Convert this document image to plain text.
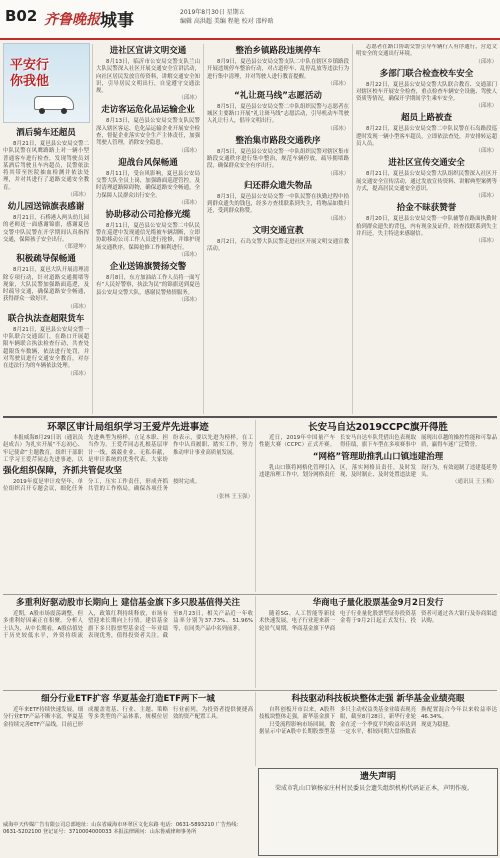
B02 齐鲁晚报 城事	2019年8月30日 星期五
编辑 高洪超 美编 程艳 校对 邵梓晗
平安行
你我他
酒后骑车还超员
8月21日，夏邑县公安局交警二中队民警在风鹰路路上对一辆小型普通客车进行检查，发现驾驶员刘某酒后驾驶且车内超员，民警依法将其带至医院抽血检测并依法处理，并对其进行了道路交通安全教育。
（邱冰）
幼儿园送锦旗表感谢
8月21日，石桥港入两头幼儿园的老师送一面感谢锦旗，感谢夏邑交警中队民警在开学期间认真指挥交通，保障孩子安全出行。
（郑建坤）
积极疏导保畅通
8月21日，夏邑大队开展清理清除专项行动，针对道路交通拥堵等现象，大队民警加强路面巡逻，及时疏导交通，确保道路安全畅通，获得群众一致好评。
（邱冰）
联合执法查超限货车
8月21日，夏邑县公安局交警一中队联合交通部门，在路口开展超限车辆联合执法检查行动，共查处超限货车数辆，依法进行处罚，并对驾驶员进行交通安全教育，对存在违法行为的车辆依法处理。
（邱冰）
进社区宣讲文明交通
8月13日，临沂市公安局交警支队兰山大队民警深入社区开展交通安全宣讲活动，向社区居民发放宣传资料，讲解交通安全知识，引导居民文明出行，自觉遵守交通法规。
（邱冰）
走访客运危化品运输企业
8月13日，夏邑县公安局交警支队民警深入辖区客运、危化品运输企业开展安全检查，督促企业落实安全生产主体责任，加强驾驶人管理，消除安全隐患。
（邱冰）
迎战台风保畅通
8月11日，受台风影响，夏邑县公安局交警大队全员上岗，加强路面巡逻管控，及时清理道路障碍物，确保道路安全畅通，全力保障人民群众出行安全。
（邱冰）
协助移动公司抢修光缆
8月11日，夏邑县公安局交警二中队民警在巡逻中发现通信光缆被车辆刮断，立即协助移动公司工作人员进行抢修，并维护现场交通秩序，保障抢修工作顺利进行。
（邱冰）
企业送锦旗赞扬交警
8月8日，东方加油站工作人员将一面写有“人民好警察，执法为民”的锦旗送到夏邑县公安局交警大队，感谢民警热情服务。
（邱冰）
整治乡镇路段违规停车
8月9日，夏邑县公安局交警支队二中队在辖区乡镇路段开展违规停车整治行动，对占道停车、乱停乱放等违法行为进行集中清理，并对驾驶人进行教育提醒。
（邱冰）
“礼让斑马线”志愿活动
8月5日，夏邑县公安局交警二中队组织民警与志愿者在城区主要路口开展“礼让斑马线”志愿活动，引导机动车驾驶人礼让行人，倡导文明出行。
（邱冰）
整治集市路段交通秩序
8月5日，夏邑县公安局交警一中队组织民警对辖区集市路段交通秩序进行集中整治，规范车辆停放，疏导拥堵路段，确保群众安全有序出行。
（邱冰）
归还群众遗失物品
8月3日，夏邑县公安局交警一中队民警在执勤过程中拾到群众遗失的钱包，经多方查找联系到失主，将物品如数归还，受到群众称赞。
（邱冰）
文明交通宣教
8月2日，石岛交警大队民警走进社区开展文明交通宣教活动。
志愿者在路口协助交警引导车辆行人有序通行，营造文明安全的交通出行环境。
（邱冰）
多部门联合检查校车安全
8月22日，夏邑县公安局交警大队联合教育、交通部门对辖区校车开展安全检查，重点检查车辆安全设施、驾驶人资质等情况，确保开学期间学生乘车安全。
（邱冰）
超员上路被查
8月22日，夏邑县公安局交警二中队民警在石岛路段巡逻时发现一辆小型客车超员，立即依法查处，并安排转运超员人员。
（邱冰）
进社区宣传交通安全
8月21日，夏邑县公安局交警大队组织民警深入社区开展交通安全宣传活动，通过发放宣传资料、讲解典型案例等方式，提高居民交通安全意识。
（邱冰）
拾金不昧获赞誉
8月20日，夏邑县公安局交警一中队辅警在路面执勤时拾到群众遗失的背包，内有现金及证件，经查找联系到失主并归还，失主特送来感谢信。
（邱冰）
环翠区审计局组织学习王爱芹先进事迹
本报威海8月29日讯（通讯员 赵成吉）为扎实开展“不忘初心、牢记使命”主题教育，组织干部职工学习王爱芹同志先进事迹，以先进典型为榜样，立足本职、担当作为。王爱芹同志扎根基层审计一线，兢兢业业、无私奉献，是审计系统的优秀代表。大家纷纷表示，要以先进为榜样，在工作中认真履职、踏实工作，努力推动审计事业高质量发展。
强化组织保障，齐抓共管促攻坚
2019年度是审计攻坚年，单位组织召开专题会议，细化任务分工，压实工作责任，形成齐抓共管的工作格局，确保各项任务按时完成。
（张林 王玉强）
长安马自达2019CCPC旗开得胜
近日，2019年中国量产车性能大赛（CCPC）正式开赛。长安马自达车队凭借出色表现取得佳绩，旗下车型在多项赛事中展现出卓越的操控性能和可靠品质，赢得车迷广泛赞誉。
“网格”管理助推乳山口镇违建治理
乳山口镇将网格化管理引入违建治理工作中，划分网格责任区，落实网格员责任，及时发现、及时制止、及时处置违法建设行为，有效遏制了违建蔓延势头。
（通讯员 王玉梅）
多重利好驱动股市长期向上 建信基金旗下多只股基值得关注
近期，A股市场震荡调整，但多重利好因素正在积聚。分析人士认为，从中长期看，A股估值处于历史较低水平，外资持续流入，政策红利持续释放，市场有望迎来长期向上行情。建信基金旗下多只股票型基金近一年业绩表现优秀，值得投资者关注。截至8月23日，相关产品近一年收益率分别为37.73%、51.96%等，在同类产品中名列前茅。
华商电子量化股票基金9月2日发行
随着5G、人工智能等新技术快速发展，电子行业迎来新一轮景气周期。华商基金旗下华商电子行业量化股票型证券投资基金将于9月2日起正式发行，投资者可通过各大银行及券商渠道认购。
细分行业ETF扩容 华夏基金打造ETF两下一城
近年来ETF持续快速发展，细分行业ETF产品不断丰富。华夏基金持续完善ETF产品线，目前已形成覆盖宽基、行业、主题、策略等多类型的产品体系，规模位居行业前列，为投资者提供便捷高效的资产配置工具。
科技驱动科技板块整体走强 新华基金业绩亮眼
自科创板开市以来，A股科技板块整体走强，新华基金旗下多只主动权益类基金业绩表现亮眼，截至8月28日，新华行业轮换配置混合今年以来收益率达46.34%。
只受流程影响市场回调，数据显示中证A股中长期股票型基金在近一个季度平均收益率达到一定水平，相较同期大盘指数表现更为稳健。
遗失声明
荣成市乳山口镇杨家庄村村民委员会遗失组织机构代码证正本，声明作废。
威海中天传媒广告有限公司总部地址：山东省威海市环翠区文化东路 电话：0631-5893210 广告热线：0631-5202100 登记证号：3710004000033 本报法律顾问：山东鲁威律师事务所
